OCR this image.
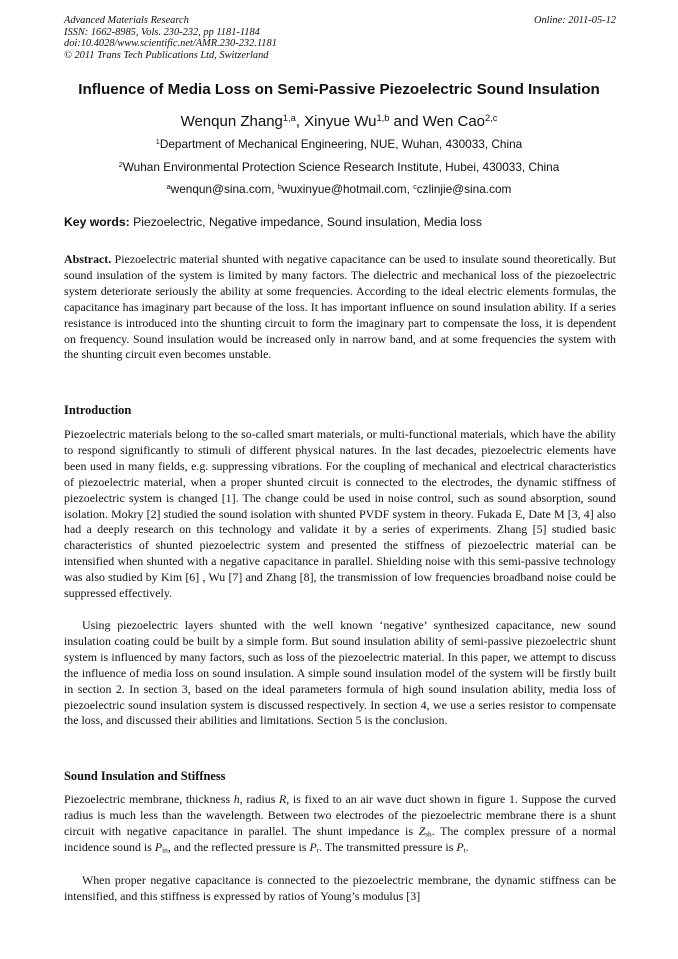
Advanced Materials Research
ISSN: 1662-8985, Vols. 230-232, pp 1181-1184
doi:10.4028/www.scientific.net/AMR.230-232.1181
© 2011 Trans Tech Publications Ltd, Switzerland
Online: 2011-05-12
Influence of Media Loss on Semi-Passive Piezoelectric Sound Insulation
Wenqun Zhang$^{1,a}$, Xinyue Wu$^{1,b}$ and Wen Cao$^{2,c}$
$^1$Department of Mechanical Engineering, NUE, Wuhan, 430033, China
$^2$Wuhan Environmental Protection Science Research Institute, Hubei, 430033, China
$^a$wenqun@sina.com, $^b$wuxinyue@hotmail.com, $^c$czlinjie@sina.com
Key words: Piezoelectric, Negative impedance, Sound insulation, Media loss

Abstract. Piezoelectric material shunted with negative capacitance can be used to insulate sound theoretically. But sound insulation of the system is limited by many factors. The dielectric and mechanical loss of the piezoelectric system deteriorate seriously the ability at some frequencies. According to the ideal electric elements formulas, the capacitance has imaginary part because of the loss. It has important influence on sound insulation ability. If a series resistance is introduced into the shunting circuit to form the imaginary part to compensate the loss, it is dependent on frequency. Sound insulation would be increased only in narrow band, and at some frequencies the system with the shunting circuit even becomes unstable.

Introduction

Piezoelectric materials belong to the so-called smart materials, or multi-functional materials, which have the ability to respond significantly to stimuli of different physical natures. In the last decades, piezoelectric elements have been used in many fields, e.g. suppressing vibrations. For the coupling of mechanical and electrical characteristics of piezoelectric material, when a proper shunted circuit is connected to the electrodes, the dynamic stiffness of piezoelectric system is changed [1]. The change could be used in noise control, such as sound absorption, sound isolation. Mokry [2] studied the sound isolation with shunted PVDF system in theory. Fukada E, Date M [3, 4] also had a deeply research on this technology and validate it by a series of experiments. Zhang [5] studied basic characteristics of shunted piezoelectric system and presented the stiffness of piezoelectric material can be intensified when shunted with a negative capacitance in parallel. Shielding noise with this semi-passive technology was also studied by Kim [6] , Wu [7] and Zhang [8], the transmission of low frequencies broadband noise could be suppressed effectively.

Using piezoelectric layers shunted with the well known ‘negative’ synthesized capacitance, new sound insulation coating could be built by a simple form. But sound insulation ability of semi-passive piezoelectric shunt system is influenced by many factors, such as loss of the piezoelectric material. In this paper, we attempt to discuss the influence of media loss on sound insulation. A simple sound insulation model of the system will be firstly built in section 2. In section 3, based on the ideal parameters formula of high sound insulation ability, media loss of piezoelectric sound insulation system is discussed respectively. In section 4, we use a series resistor to compensate the loss, and discussed their abilities and limitations. Section 5 is the conclusion.

Sound Insulation and Stiffness

Piezoelectric membrane, thickness h, radius R, is fixed to an air wave duct shown in figure 1. Suppose the curved radius is much less than the wavelength. Between two electrodes of the piezoelectric membrane there is a shunt circuit with negative capacitance in parallel. The shunt impedance is $Z_{sh}$. The complex pressure of a normal incidence sound is $P_{in}$, and the reflected pressure is $P_r$. The transmitted pressure is $P_t$.

When proper negative capacitance is connected to the piezoelectric membrane, the dynamic stiffness can be intensified, and this stiffness is expressed by ratios of Young’s modulus [3]
